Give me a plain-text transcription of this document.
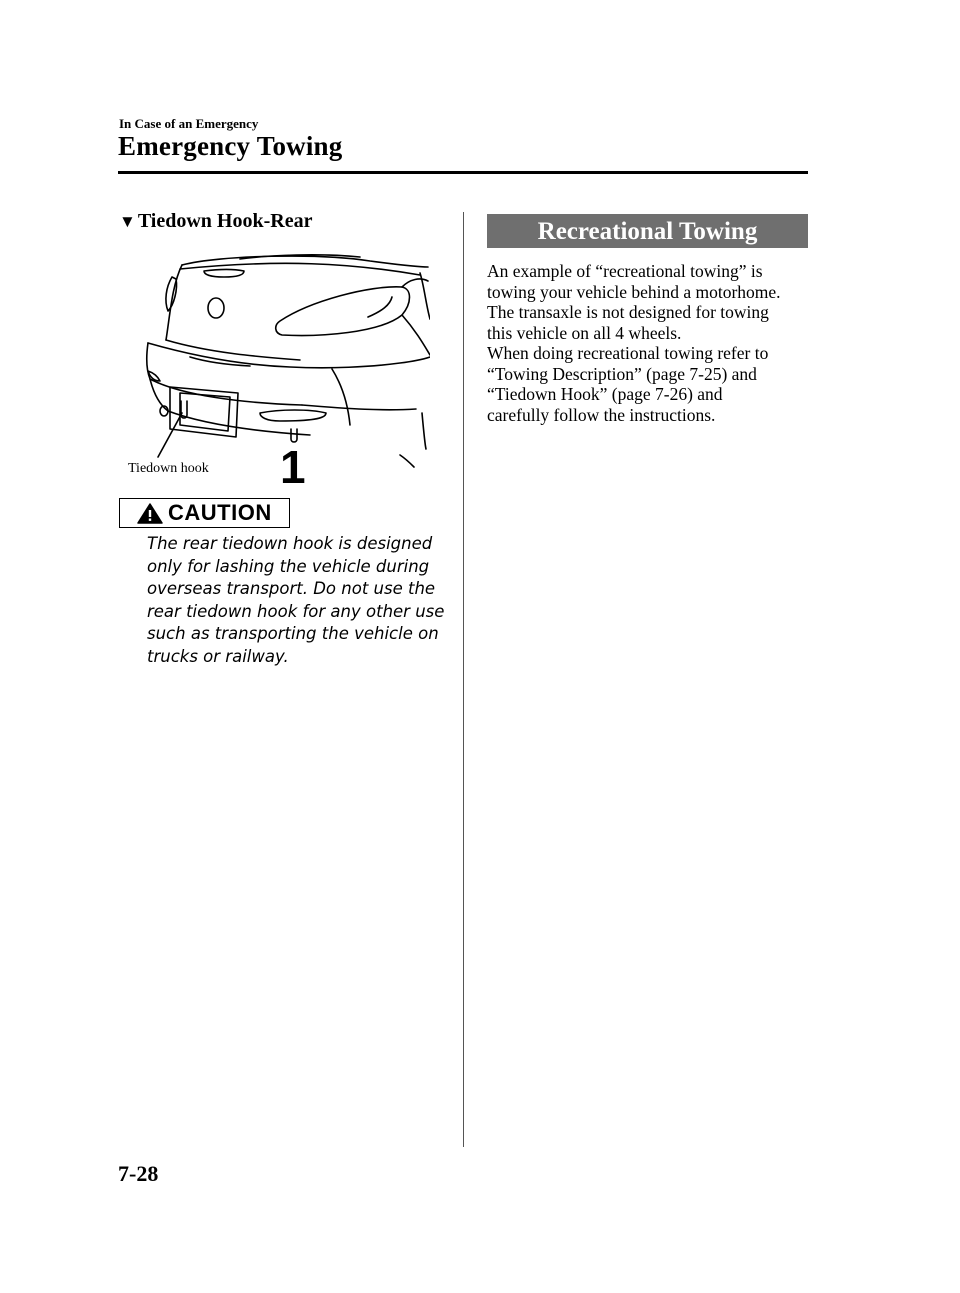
In Case of an Emergency
Emergency Towing
▼ Tiedown Hook-Rear
1
Tiedown hook
CAUTION
The rear tiedown hook is designed
only for lashing the vehicle during
overseas transport. Do not use the
rear tiedown hook for any other use
such as transporting the vehicle on
trucks or railway.
Recreational Towing
An example of “recreational towing” is
towing your vehicle behind a motorhome.
The transaxle is not designed for towing
this vehicle on all 4 wheels.
When doing recreational towing refer to
“Towing Description” (page 7-25) and
“Tiedown Hook” (page 7-26) and
carefully follow the instructions.
7-28
